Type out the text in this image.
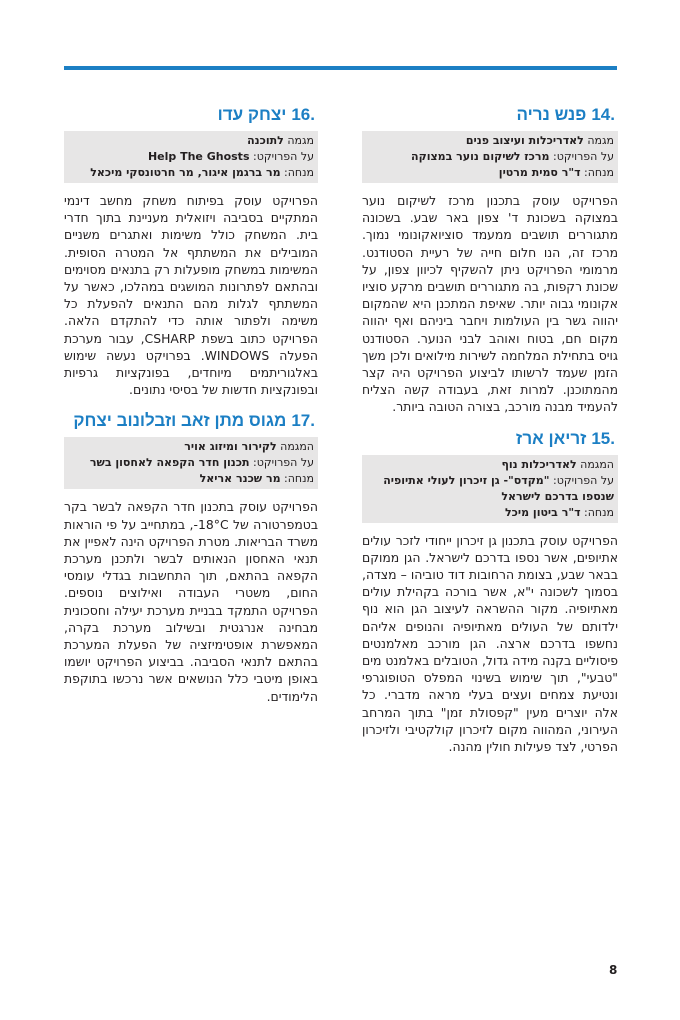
.14פנש נריה
מגמה לאדריכלות ועיצוב פנים
על הפרויקט: מרכז לשיקום נוער במצוקה
מנחה: ד"ר סמית מרטין

הפרויקט עוסק בתכנון מרכז לשיקום נוער במצוקה בשכונת ד' צפון באר שבע. בשכונה מתגוררים תושבים ממעמד סוציואקונומי נמוך. מרכז זה, הנו חלום חייה של רעיית הסטודנט. מרמומי הפרויקט ניתן להשקיף לכיוון צפון, על שכונת רקפות, בה מתגוררים תושבים מרקע סוציו אקונומי גבוה יותר. שאיפת המתכנן היא שהמקום יהווה גשר בין העולמות ויחבר ביניהם ואף יהווה מקום חם, בטוח ואוהב לבני הנוער. הסטודנט גויס בתחילת המלחמה לשירות מילואים ולכן משך הזמן שעמד לרשותו לביצוע הפרויקט היה קצר מהמתוכנן. למרות זאת, בעבודה קשה הצליח להעמיד מבנה מורכב, בצורה הטובה ביותר.

.15זריאן ארז
המגמה לאדריכלות נוף
על הפרויקט: "מקדס"- גן זיכרון לעולי אתיופיה שנספו בדרכם לישראל
מנחה: ד"ר ביטון מיכל

הפרויקט עוסק בתכנון גן זיכרון ייחודי לזכר עולים אתיופים, אשר נספו בדרכם לישראל. הגן ממוקם בבאר שבע, בצומת הרחובות דוד טוביהו – מצדה, בסמוך לשכונה י"א, אשר בורכה בקהילת עולים מאתיופיה. מקור ההשראה לעיצוב הגן הוא נוף ילדותם של העולים מאתיופיה והנופים אליהם נחשפו בדרכם ארצה. הגן מורכב מאלמנטים פיסוליים בקנה מידה גדול, הטובלים באלמנט מים "טבעי", תוך שימוש בשינוי המפלס הטופוגרפי ונטיעת צמחים ועצים בעלי מראה מדברי. כל אלה יוצרים מעין "קפסולת זמן" בתוך המרחב העירוני, המהווה מקום לזיכרון קולקטיבי ולזיכרון הפרטי, לצד פעילות חולין מהנה.

.16יצחק עדו
מגמה לתוכנה
על הפרויקט: Help The Ghosts
מנחה: מר ברגמן איגור, מר חרטונסקי מיכאל

הפרויקט עוסק בפיתוח משחק מחשב דינמי המתקיים בסביבה ויזואלית מעניינת בתוך חדרי בית. המשחק כולל משימות ואתגרים משניים המובילים את המשתתף אל המטרה הסופית. המשימות במשחק מופעלות רק בתנאים מסוימים ובהתאם לפתרונות המושגים במהלכו, כאשר על המשתתף לגלות מהם התנאים להפעלת כל משימה ולפתור אותה כדי להתקדם הלאה. הפרויקט כתוב בשפת CSHARP, עבור מערכת הפעלה WINDOWS. בפרויקט נעשה שימוש באלגוריתמים מיוחדים, בפונקציות גרפיות ובפונקציות חדשות של בסיסי נתונים.

.17מגוס מתן זאב וזבלונוב יצחק
המגמה לקירור ומיזוג אויר
על הפרויקט: תכנון חדר הקפאה לאחסון בשר
מנחה: מר שכנר אריאל

הפרויקט עוסק בתכנון חדר הקפאה לבשר בקר בטמפרטורה של 18°C-, במתחייב על פי הוראות משרד הבריאות. מטרת הפרויקט הינה לאפיין את תנאי האחסון הנאותים לבשר ולתכנן מערכת הקפאה בהתאם, תוך התחשבות בגדלי עומסי החום, משטרי העבודה ואילוצים נוספים. הפרויקט התמקד בבניית מערכת יעילה וחסכונית מבחינה אנרגטית ובשילוב מערכת בקרה, המאפשרת אופטימיזציה של הפעלת המערכת בהתאם לתנאי הסביבה. בביצוע הפרויקט יושמו באופן מיטבי כלל הנושאים אשר נרכשו בתוקפת הלימודים.

8
